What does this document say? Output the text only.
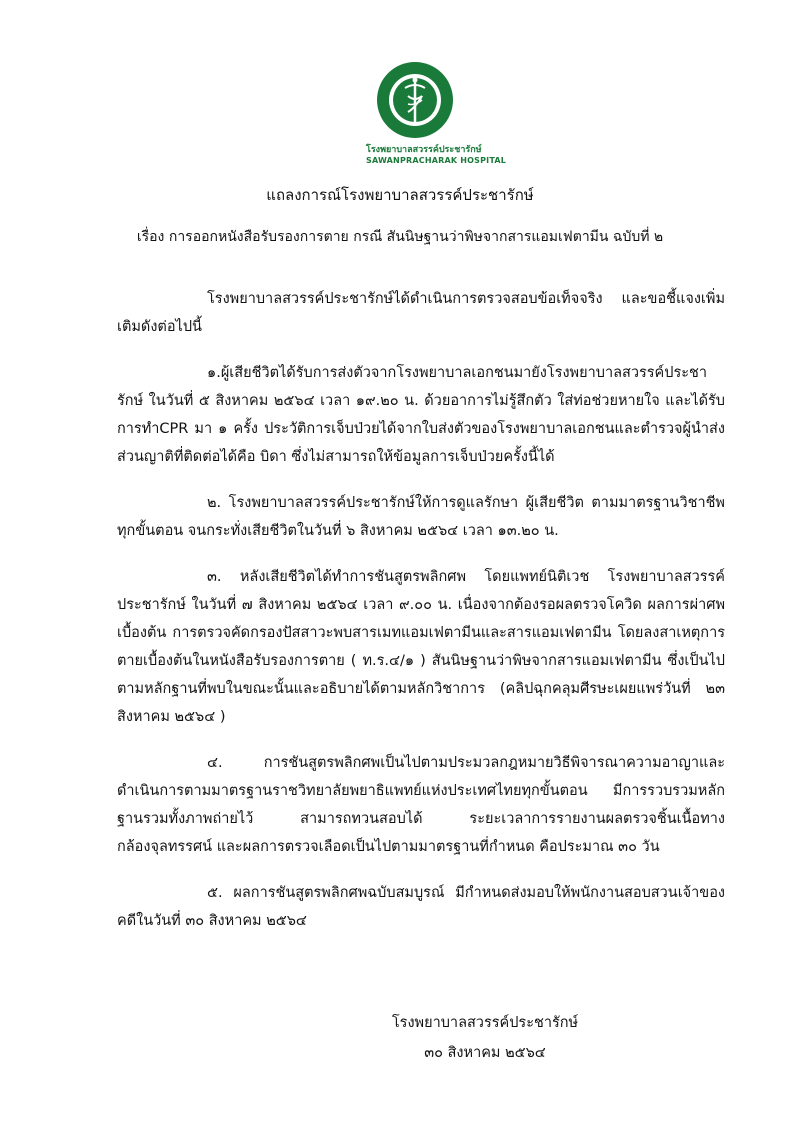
โรงพยาบาลสวรรค์ประชารักษ์
SAWANPRACHARAK HOSPITAL
แถลงการณ์โรงพยาบาลสวรรค์ประชารักษ์
เรื่อง การออกหนังสือรับรองการตาย กรณี สันนิษฐานว่าพิษจากสารแอมเฟตามีน ฉบับที่ ๒

โรงพยาบาลสวรรค์ประชารักษ์ได้ดำเนินการตรวจสอบข้อเท็จจริง และขอชี้แจงเพิ่มเติมดังต่อไปนี้

๑.ผู้เสียชีวิตได้รับการส่งตัวจากโรงพยาบาลเอกชนมายังโรงพยาบาลสวรรค์ประชารักษ์ ในวันที่ ๕ สิงหาคม ๒๕๖๔ เวลา ๑๙.๒๐ น. ด้วยอาการไม่รู้สึกตัว ใส่ท่อช่วยหายใจ และได้รับการทำCPR มา ๑ ครั้ง ประวัติการเจ็บป่วยได้จากใบส่งตัวของโรงพยาบาลเอกชนและตำรวจผู้นำส่ง ส่วนญาติที่ติดต่อได้คือ บิดา ซึ่งไม่สามารถให้ข้อมูลการเจ็บป่วยครั้งนี้ได้

๒. โรงพยาบาลสวรรค์ประชารักษ์ให้การดูแลรักษา ผู้เสียชีวิต ตามมาตรฐานวิชาชีพทุกขั้นตอน จนกระทั่งเสียชีวิตในวันที่ ๖ สิงหาคม ๒๕๖๔ เวลา ๑๓.๒๐ น.

๓. หลังเสียชีวิตได้ทำการชันสูตรพลิกศพ โดยแพทย์นิติเวช โรงพยาบาลสวรรค์ประชารักษ์ ในวันที่ ๗ สิงหาคม ๒๕๖๔ เวลา ๙.๐๐ น. เนื่องจากต้องรอผลตรวจโควิด ผลการผ่าศพเบื้องต้น การตรวจคัดกรองปัสสาวะพบสารเมทแอมเฟตามีนและสารแอมเฟตามีน โดยลงสาเหตุการตายเบื้องต้นในหนังสือรับรองการตาย ( ท.ร.๔/๑ ) สันนิษฐานว่าพิษจากสารแอมเฟตามีน ซึ่งเป็นไปตามหลักฐานที่พบในขณะนั้นและอธิบายได้ตามหลักวิชาการ (คลิปฉุกคลุมศีรษะเผยแพร่วันที่ ๒๓ สิงหาคม ๒๕๖๔ )

๔. การชันสูตรพลิกศพเป็นไปตามประมวลกฎหมายวิธีพิจารณาความอาญาและดำเนินการตามมาตรฐานราชวิทยาลัยพยาธิแพทย์แห่งประเทศไทยทุกขั้นตอน มีการรวบรวมหลักฐานรวมทั้งภาพถ่ายไว้ สามารถทวนสอบได้ ระยะเวลาการรายงานผลตรวจชิ้นเนื้อทางกล้องจุลทรรศน์ และผลการตรวจเลือดเป็นไปตามมาตรฐานที่กำหนด คือประมาณ ๓๐ วัน

๕. ผลการชันสูตรพลิกศพฉบับสมบูรณ์ มีกำหนดส่งมอบให้พนักงานสอบสวนเจ้าของคดีในวันที่ ๓๐ สิงหาคม ๒๕๖๔

โรงพยาบาลสวรรค์ประชารักษ์
๓๐ สิงหาคม ๒๕๖๔
